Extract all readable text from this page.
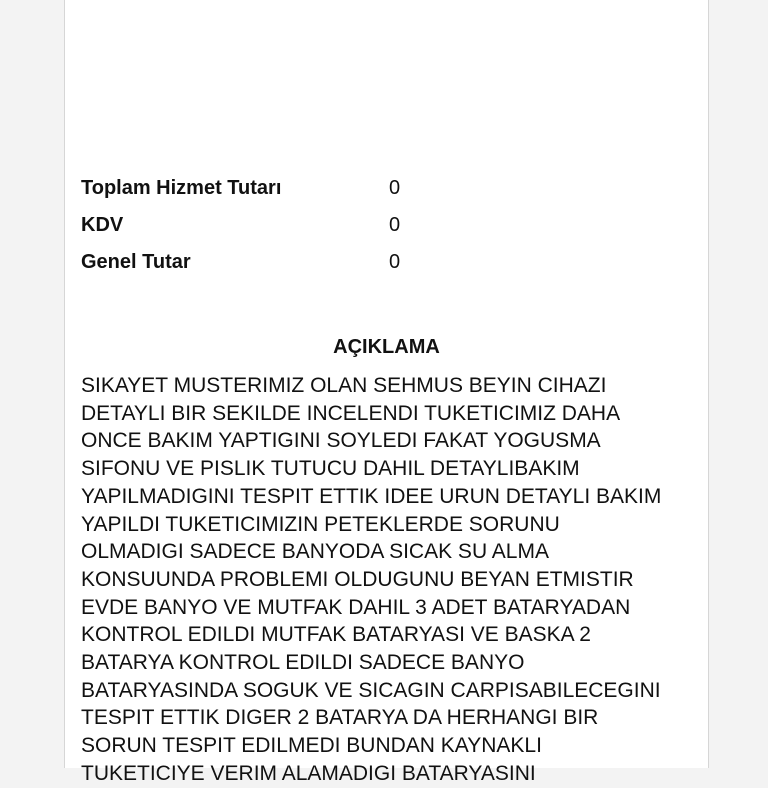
Toplam Hizmet Tutarı	0
KDV	0
Genel Tutar	0
AÇIKLAMA
SIKAYET MUSTERIMIZ OLAN SEHMUS BEYIN CIHAZI
DETAYLI BIR SEKILDE INCELENDI TUKETICIMIZ DAHA
ONCE BAKIM YAPTIGINI SOYLEDI FAKAT YOGUSMA
SIFONU VE PISLIK TUTUCU DAHIL DETAYLIBAKIM
YAPILMADIGINI TESPIT ETTIK IDEE URUN DETAYLI BAKIM
YAPILDI TUKETICIMIZIN PETEKLERDE SORUNU
OLMADIGI SADECE BANYODA SICAK SU ALMA
KONSUUNDA PROBLEMI OLDUGUNU BEYAN ETMISTIR
EVDE BANYO VE MUTFAK DAHIL 3 ADET BATARYADAN
KONTROL EDILDI MUTFAK BATARYASI VE BASKA 2
BATARYA KONTROL EDILDI SADECE BANYO
BATARYASINDA SOGUK VE SICAGIN CARPISABILECEGINI
TESPIT ETTIK DIGER 2 BATARYA DA HERHANGI BIR
SORUN TESPIT EDILMEDI BUNDAN KAYNAKLI
TUKETICIYE VERIM ALAMADIGI BATARYASINI
